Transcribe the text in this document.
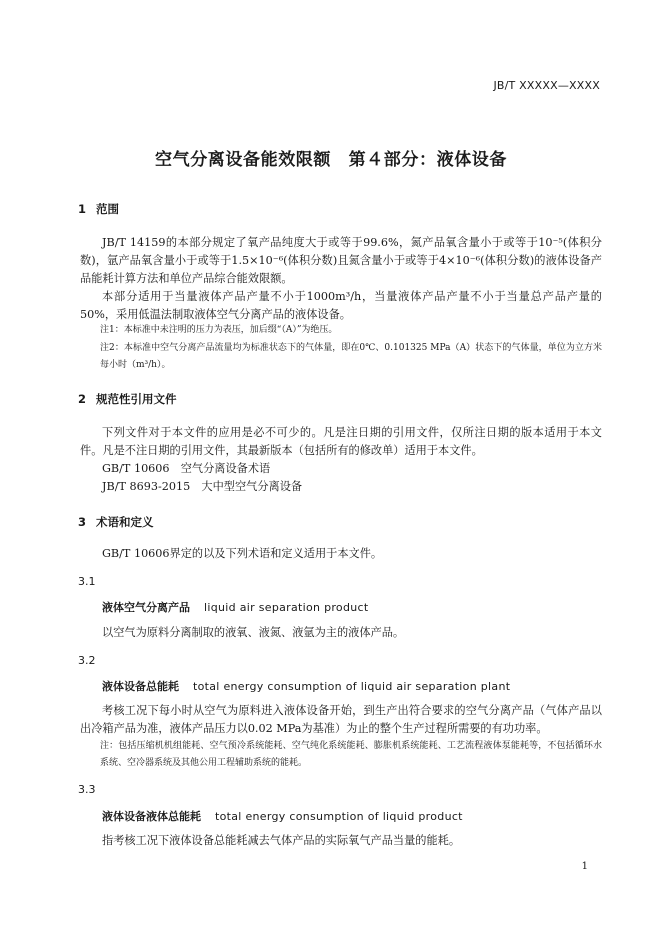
JB/T XXXXX—XXXX
空气分离设备能效限额　第４部分：液体设备
1 范围
JB/T 14159的本部分规定了氧产品纯度大于或等于99.6%，氮产品氧含量小于或等于10⁻⁵(体积分数)，氩产品氧含量小于或等于1.5×10⁻⁶(体积分数)且氮含量小于或等于4×10⁻⁶(体积分数)的液体设备产品能耗计算方法和单位产品综合能效限额。
本部分适用于当量液体产品产量不小于1000m³/h，当量液体产品产量不小于当量总产品产量的50%，采用低温法制取液体空气分离产品的液体设备。
注1：本标准中未注明的压力为表压，加后缀“（A）”为绝压。
注2：本标准中空气分离产品流量均为标准状态下的气体量，即在0℃、0.101325 MPa（A）状态下的气体量，单位为立方米每小时（m³/h）。
2 规范性引用文件
下列文件对于本文件的应用是必不可少的。凡是注日期的引用文件，仅所注日期的版本适用于本文件。凡是不注日期的引用文件，其最新版本（包括所有的修改单）适用于本文件。
GB/T 10606　空气分离设备术语
JB/T 8693-2015　大中型空气分离设备
3 术语和定义
GB/T 10606界定的以及下列术语和定义适用于本文件。
3.1
液体空气分离产品 liquid air separation product
以空气为原料分离制取的液氧、液氮、液氩为主的液体产品。
3.2
液体设备总能耗 total energy consumption of liquid air separation plant
考核工况下每小时从空气为原料进入液体设备开始，到生产出符合要求的空气分离产品（气体产品以出冷箱产品为准，液体产品压力以0.02 MPa为基准）为止的整个生产过程所需要的有功功率。
注：包括压缩机机组能耗、空气预冷系统能耗、空气纯化系统能耗、膨胀机系统能耗、工艺流程液体泵能耗等，不包括循环水系统、空冷器系统及其他公用工程辅助系统的能耗。
3.3
液体设备液体总能耗 total energy consumption of liquid product
指考核工况下液体设备总能耗减去气体产品的实际氧气产品当量的能耗。
1
